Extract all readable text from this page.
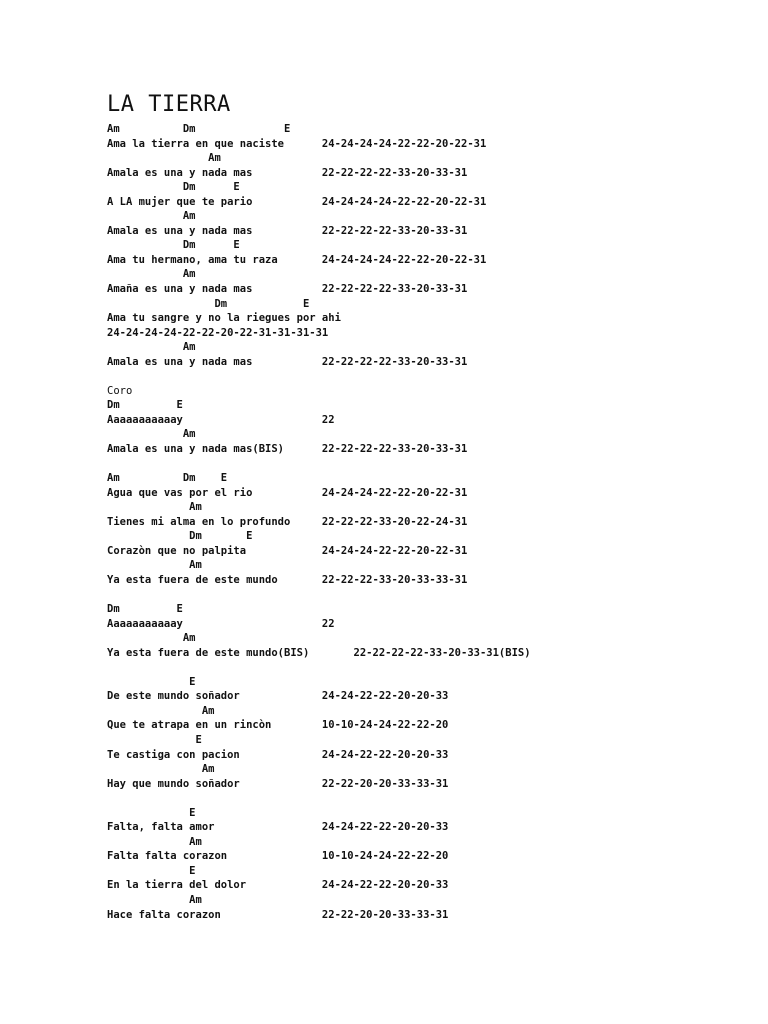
LA TIERRA
Am          Dm              E
Ama la tierra en que naciste      24-24-24-24-22-22-20-22-31
Am
Amala es una y nada mas           22-22-22-22-33-20-33-31
Dm      E
A LA mujer que te pario           24-24-24-24-22-22-20-22-31
Am
Amala es una y nada mas           22-22-22-22-33-20-33-31
Dm      E
Ama tu hermano, ama tu raza       24-24-24-24-22-22-20-22-31
Am
Amaña es una y nada mas           22-22-22-22-33-20-33-31
Dm            E
Ama tu sangre y no la riegues por ahi
24-24-24-24-22-22-20-22-31-31-31-31
Am
Amala es una y nada mas           22-22-22-22-33-20-33-31
Coro
Dm         E
Aaaaaaaaaaay                      22
Am
Amala es una y nada mas(BIS)      22-22-22-22-33-20-33-31
Am          Dm    E
Agua que vas por el rio           24-24-24-22-22-20-22-31
Am
Tienes mi alma en lo profundo     22-22-22-33-20-22-24-31
Dm       E
Corazòn que no palpita            24-24-24-22-22-20-22-31
Am
Ya esta fuera de este mundo       22-22-22-33-20-33-33-31
Dm         E
Aaaaaaaaaaay                      22
Am
Ya esta fuera de este mundo(BIS)       22-22-22-22-33-20-33-31(BIS)
E
De este mundo soñador             24-24-22-22-20-20-33
Am
Que te atrapa en un rincòn        10-10-24-24-22-22-20
E
Te castiga con pacion             24-24-22-22-20-20-33
Am
Hay que mundo soñador             22-22-20-20-33-33-31
E
Falta, falta amor                 24-24-22-22-20-20-33
Am
Falta falta corazon               10-10-24-24-22-22-20
E
En la tierra del dolor            24-24-22-22-20-20-33
Am
Hace falta corazon                22-22-20-20-33-33-31
